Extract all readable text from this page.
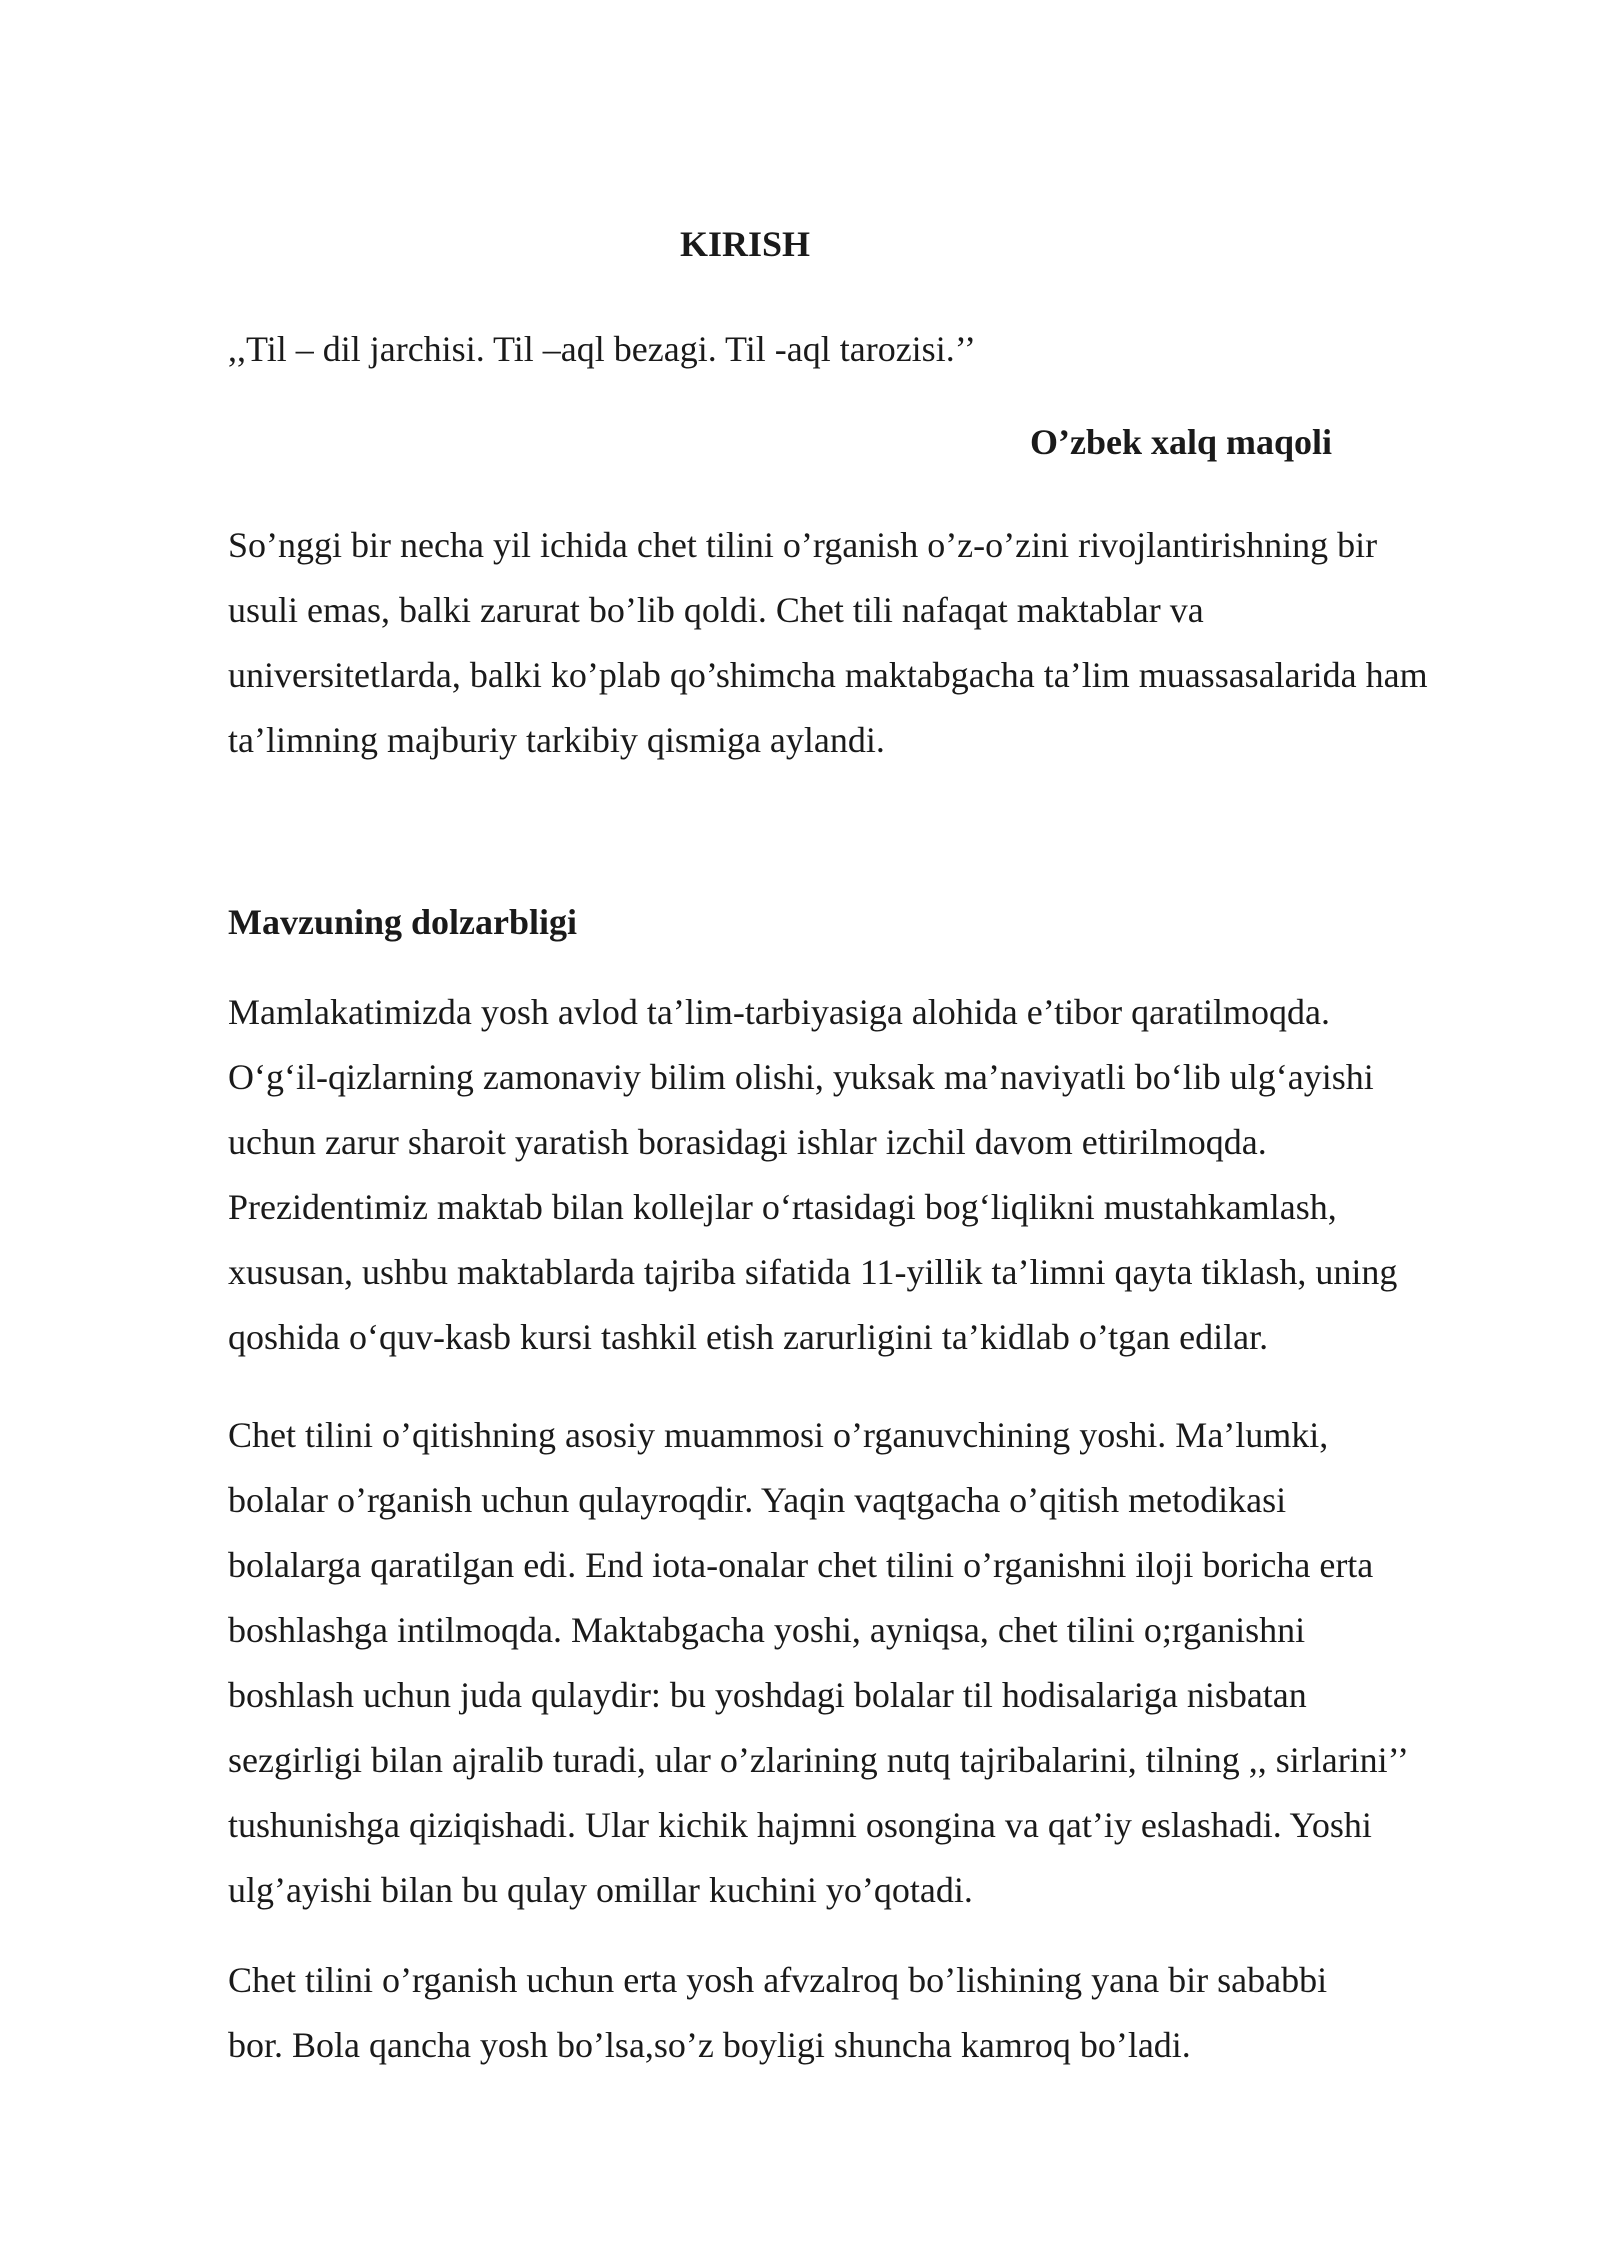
KIRISH

,,Til – dil jarchisi. Til –aql bezagi. Til -aql tarozisi.’’

O’zbek xalq maqoli

So’nggi bir necha yil ichida chet tilini o’rganish o’z-o’zini rivojlantirishning bir
usuli emas, balki zarurat bo’lib qoldi. Chet tili nafaqat maktablar va
universitetlarda, balki ko’plab qo’shimcha maktabgacha ta’lim muassasalarida ham
ta’limning majburiy tarkibiy qismiga aylandi.

Mavzuning dolzarbligi

Mamlakatimizda yosh avlod ta’lim-tarbiyasiga alohida e’tibor qaratilmoqda.
O‘g‘il-qizlarning zamonaviy bilim olishi, yuksak ma’naviyatli bo‘lib ulg‘ayishi
uchun zarur sharoit yaratish borasidagi ishlar izchil davom ettirilmoqda.
Prezidentimiz maktab bilan kollejlar o‘rtasidagi bog‘liqlikni mustahkamlash,
xususan, ushbu maktablarda tajriba sifatida 11-yillik ta’limni qayta tiklash, uning
qoshida o‘quv-kasb kursi tashkil etish zarurligini ta’kidlab o’tgan edilar.

Chet tilini o’qitishning asosiy muammosi o’rganuvchining yoshi. Ma’lumki,
bolalar o’rganish uchun qulayroqdir. Yaqin vaqtgacha o’qitish metodikasi
bolalarga qaratilgan edi. End iota-onalar chet tilini o’rganishni iloji boricha erta
boshlashga intilmoqda. Maktabgacha yoshi, ayniqsa, chet tilini o;rganishni
boshlash uchun juda qulaydir: bu yoshdagi bolalar til hodisalariga nisbatan
sezgirligi bilan ajralib turadi, ular o’zlarining nutq tajribalarini, tilning ,, sirlarini’’
tushunishga qiziqishadi. Ular kichik hajmni osongina va qat’iy eslashadi. Yoshi
ulg’ayishi bilan bu qulay omillar kuchini yo’qotadi.

Chet tilini o’rganish uchun erta yosh afvzalroq bo’lishining yana bir sababbi
bor. Bola qancha yosh bo’lsa,so’z boyligi shuncha kamroq bo’ladi.
